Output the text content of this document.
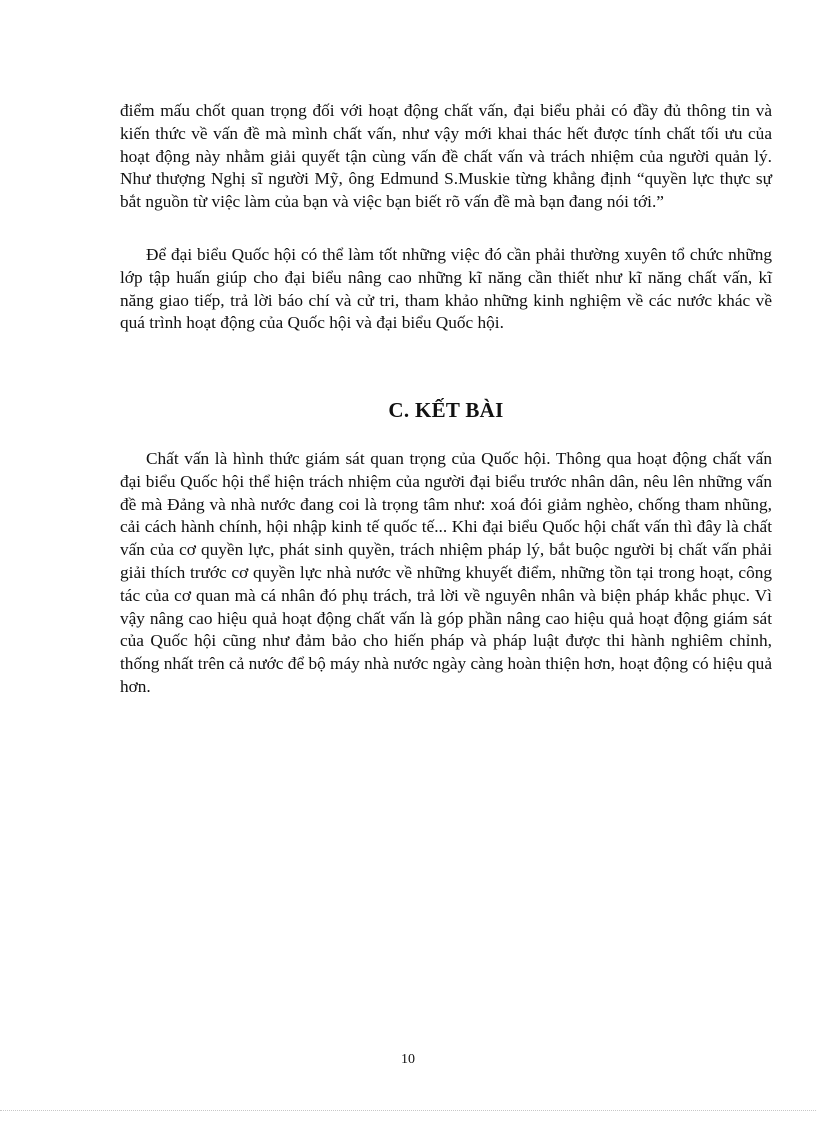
điểm mấu chốt quan trọng đối với hoạt động chất vấn, đại biểu phải có đầy đủ thông tin và kiến thức về vấn đề mà mình chất vấn, như vậy mới khai thác hết được tính chất tối ưu của hoạt động này nhằm giải quyết tận cùng vấn đề chất vấn và trách nhiệm của người quản lý. Như thượng Nghị sĩ người Mỹ, ông Edmund S.Muskie từng khẳng định “quyền lực thực sự bắt nguồn từ việc làm của bạn và việc bạn biết rõ vấn đề mà bạn đang nói tới.”

Để đại biểu Quốc hội có thể làm tốt những việc đó cần phải thường xuyên tổ chức những lớp tập huấn giúp cho đại biểu nâng cao những kĩ năng cần thiết như kĩ năng chất vấn, kĩ năng giao tiếp, trả lời báo chí và cử tri, tham khảo những kinh nghiệm về các nước khác về quá trình hoạt động của Quốc hội và đại biểu Quốc hội.

C. KẾT BÀI

Chất vấn là hình thức giám sát quan trọng của Quốc hội. Thông qua hoạt động chất vấn đại biểu Quốc hội thể hiện trách nhiệm của người đại biểu trước nhân dân, nêu lên những vấn đề mà Đảng và nhà nước đang coi là trọng tâm như: xoá đói giảm nghèo, chống tham nhũng, cải cách hành chính, hội nhập kinh tế quốc tế... Khi đại biểu Quốc hội chất vấn thì đây là chất vấn của cơ quyền lực, phát sinh quyền, trách nhiệm pháp lý, bắt buộc người bị chất vấn phải giải thích trước cơ quyền lực nhà nước về những khuyết điểm, những tồn tại trong hoạt, công tác của cơ quan mà cá nhân đó phụ trách, trả lời về nguyên nhân và biện pháp khắc phục. Vì vậy nâng cao hiệu quả hoạt động chất vấn là góp phần nâng cao hiệu quả hoạt động giám sát của Quốc hội cũng như đảm bảo cho hiến pháp và pháp luật được thi hành nghiêm chỉnh, thống nhất trên cả nước để bộ máy nhà nước ngày càng hoàn thiện hơn, hoạt động có hiệu quả hơn.

10
